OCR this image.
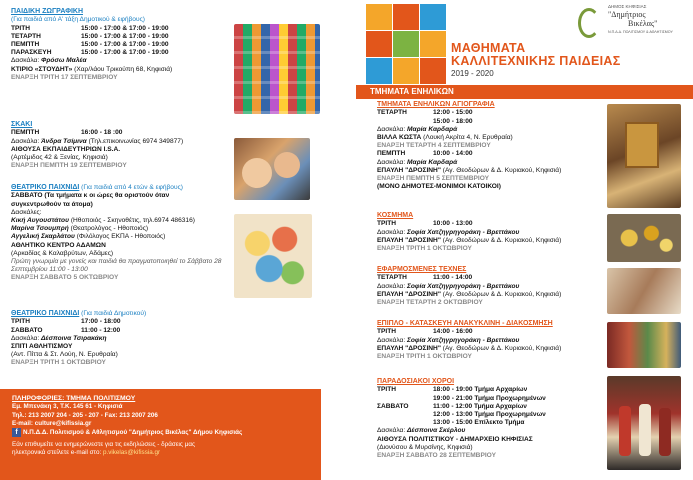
ΠΑΙΔΙΚΗ ΖΩΓΡΑΦΙΚΗ
(Για παιδιά από Α' τάξη Δημοτικού & εφήβους)
ΤΡΙΤΗ	15:00 - 17:00 & 17:00 - 19:00
ΤΕΤΑΡΤΗ	15:00 - 17:00 & 17:00 - 19:00
ΠΕΜΠΤΗ	15:00 - 17:00 & 17:00 - 19:00
ΠΑΡΑΣΚΕΥΗ	15:00 - 17:00 & 17:00 - 19:00
Δασκάλα: Φρόσω Μαλέα
ΚΤΙΡΙΟ «ΣΤΟΥΔΗΤ» (Χαρ/λάου Τρικούπη 68, Κηφισιά)
ΕΝΑΡΞΗ ΤΡΙΤΗ 17 ΣΕΠΤΕΜΒΡΙΟΥ
ΣΚΑΚΙ
ΠΕΜΠΤΗ	16:00 - 18 :00
Δασκάλα: Άνδρα Τσίμινα (Τηλ.επικοινωνίας 6974 349877)
ΑΙΘΟΥΣΑ ΕΚΠΑΙΔΕΥΤΗΡΙΩΝ I.S.A.
(Αρτέμιδος 42 & Ξενίας, Κηφισιά)
ΕΝΑΡΞΗ ΠΕΜΠΤΗ 19 ΣΕΠΤΕΜΒΡΙΟΥ
ΘΕΑΤΡΙΚΟ ΠΑΙΧΝΙΔΙ (Για παιδιά από 4 ετών & εφήβους)
ΣΑΒΒΑΤΟ (Τα τμήματα κ οι ώρες θα οριστούν όταν συγκεντρωθούν τα άτομα)
Δασκάλες:
Κική Αυγουστάτου (Ηθοποιός - Σκηνοθέτις, τηλ.6974 486316)
Μαρίνα Τσουμπρή (Θεατρολόγος - Ηθοποιός)
Αγγελική Σκαρλάτου (Φιλόλογος ΕΚΠΑ - Ηθοποιός)
ΑΘΛΗΤΙΚΟ ΚΕΝΤΡΟ ΑΔΑΜΩΝ
(Αρκαδίας & Καλαβρύτων, Αδάμες)
Πρώτη γνωριμία με γονείς και παιδιά θα πραγματοποιηθεί το Σάββατο 28 Σεπτεμβρίου 11:00 - 13:00
ΕΝΑΡΞΗ ΣΑΒΒΑΤΟ 5 ΟΚΤΩΒΡΙΟΥ
ΘΕΑΤΡΙΚΟ ΠΑΙΧΝΙΔΙ (Για παιδιά Δημοτικού)
ΤΡΙΤΗ	17:00 - 18:00
ΣΑΒΒΑΤΟ	11:00 - 12:00
Δασκάλα: Δέσποινα Τσιρακάκη
ΣΠΙΤΙ ΑΘΛΗΤΙΣΜΟΥ
(Αντ. Πίττα & Στ. Λούη, Ν. Ερυθραία)
ΕΝΑΡΞΗ ΤΡΙΤΗ 1 ΟΚΤΩΒΡΙΟΥ
ΠΛΗΡΟΦΟΡΙΕΣ: ΤΜΗΜΑ ΠΟΛΙΤΙΣΜΟΥ
Εμ. Μπενάκη 3, Τ.Κ. 145 61 - Κηφισιά
Τηλ.: 213 2007 204 - 205 - 207 - Fax: 213 2007 206
E-mail: culture@kifissia.gr
f Ν.Π.Δ.Δ. Πολιτισμού & Αθλητισμού "Δημήτριος Βικέλας" Δήμου Κηφισιάς
Εάν επιθυμείτε να ενημερώνεστε για τις εκδηλώσεις - δράσεις μας
ηλεκτρονικά στείλετε e-mail στο: p.vikelas@kifissia.gr
ΔΗΜΟΣ ΚΗΦΙΣΙΑΣ
"Δημήτριος
Βικέλας"
Ν.Π.Δ.Δ. ΠΟΛΙΤΙΣΜΟΥ & ΑΘΛΗΤΙΣΜΟΥ
ΜΑΘΗΜΑΤΑ
ΚΑΛΛΙΤΕΧΝΙΚΗΣ ΠΑΙΔΕΙΑΣ
2019 - 2020
ΤΜΗΜΑΤΑ ΕΝΗΛΙΚΩΝ
ΤΜΗΜΑΤΑ ΕΝΗΛΙΚΩΝ ΑΓΙΟΓΡΑΦΙΑ
ΤΕΤΑΡΤΗ	12:00 - 15:00
15:00 - 18:00
Δασκάλα: Μαρία Καρδαρά
ΒΙΛΛΑ ΚΩΣΤΑ (Λουκή Ακρίτα 4, Ν. Ερυθραία)
ΕΝΑΡΞΗ ΤΕΤΑΡΤΗ 4 ΣΕΠΤΕΜΒΡΙΟΥ
ΠΕΜΠΤΗ	10:00 - 14:00
Δασκάλα: Μαρία Καρδαρά
ΕΠΑΥΛΗ "ΔΡΟΣΙΝΗ" (Αγ. Θεοδώρων & Δ. Κυριακού, Κηφισιά)
ΕΝΑΡΞΗ ΠΕΜΠΤΗ 5 ΣΕΠΤΕΜΒΡΙΟΥ
(ΜΟΝΟ ΔΗΜΟΤΕΣ-ΜΟΝΙΜΟΙ ΚΑΤΟΙΚΟΙ)
ΚΟΣΜΗΜΑ
ΤΡΙΤΗ	10:00 - 13:00
Δασκάλα: Σοφία Χατζηγρηγοράκη - Βρεττάκου
ΕΠΑΥΛΗ "ΔΡΟΣΙΝΗ" (Αγ. Θεοδώρων & Δ. Κυριακού, Κηφισιά)
ΕΝΑΡΞΗ ΤΡΙΤΗ 1 ΟΚΤΩΒΡΙΟΥ
ΕΦΑΡΜΟΣΜΕΝΕΣ ΤΕΧΝΕΣ
ΤΕΤΑΡΤΗ	11:00 - 14:00
Δασκάλα: Σοφία Χατζηγρηγοράκη - Βρεττάκου
ΕΠΑΥΛΗ "ΔΡΟΣΙΝΗ" (Αγ. Θεοδώρων & Δ. Κυριακού, Κηφισιά)
ΕΝΑΡΞΗ ΤΕΤΑΡΤΗ 2 ΟΚΤΩΒΡΙΟΥ
ΕΠΙΠΛΟ - ΚΑΤΑΣΚΕΥΗ ΑΝΑΚΥΚΛΙΝΗ - ΔΙΑΚΟΣΜΗΣΗ
ΤΡΙΤΗ	14:00 - 16:00
Δασκάλα: Σοφία Χατζηγρηγοράκη - Βρεττάκου
ΕΠΑΥΛΗ "ΔΡΟΣΙΝΗ" (Αγ. Θεοδώρων & Δ. Κυριακού, Κηφισιά)
ΕΝΑΡΞΗ ΤΡΙΤΗ 1 ΟΚΤΩΒΡΙΟΥ
ΠΑΡΑΔΟΣΙΑΚΟΙ ΧΟΡΟΙ
ΤΡΙΤΗ	18:00 - 19:00 Τμήμα Αρχαρίων
19:00 - 21:00 Τμήμα Προχωρημένων
ΣΑΒΒΑΤΟ	11:00 - 12:00 Τμήμα Αρχαρίων
12:00 - 13:00 Τμήμα Προχωρημένων
13:00 - 15:00 Επίλεκτο Τμήμα
Δασκάλα: Δέσποινα Σκέρλου
ΑΙΘΟΥΣΑ ΠΟΛΙΤΙΣΤΙΚΟΥ - ΔΗΜΑΡΧΕΙΟ ΚΗΦΙΣΙΑΣ
(Διονύσου & Μυρσίνης, Κηφισιά)
ΕΝΑΡΞΗ ΣΑΒΒΑΤΟ 28 ΣΕΠΤΕΜΒΡΙΟΥ
